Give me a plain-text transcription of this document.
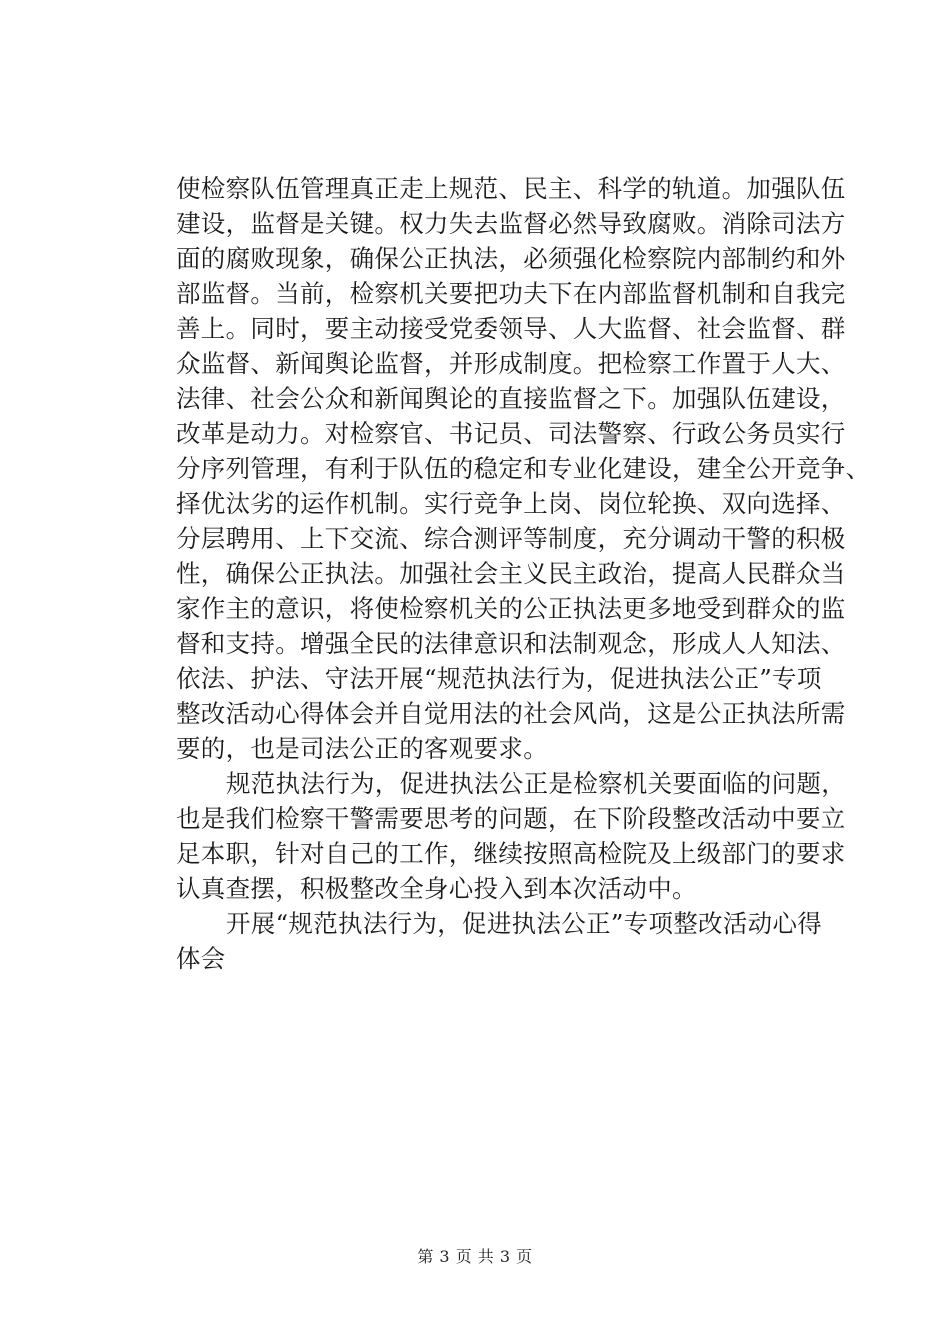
使检察队伍管理真正走上规范、民主、科学的轨道。加强队伍
建设，监督是关键。权力失去监督必然导致腐败。消除司法方
面的腐败现象，确保公正执法，必须强化检察院内部制约和外
部监督。当前，检察机关要把功夫下在内部监督机制和自我完
善上。同时，要主动接受党委领导、人大监督、社会监督、群
众监督、新闻舆论监督，并形成制度。把检察工作置于人大、
法律、社会公众和新闻舆论的直接监督之下。加强队伍建设，
改革是动力。对检察官、书记员、司法警察、行政公务员实行
分序列管理，有利于队伍的稳定和专业化建设，建全公开竞争、
择优汰劣的运作机制。实行竞争上岗、岗位轮换、双向选择、
分层聘用、上下交流、综合测评等制度，充分调动干警的积极
性，确保公正执法。加强社会主义民主政治，提高人民群众当
家作主的意识，将使检察机关的公正执法更多地受到群众的监
督和支持。增强全民的法律意识和法制观念，形成人人知法、
依法、护法、守法开展“规范执法行为，促进执法公正”专项
整改活动心得体会并自觉用法的社会风尚，这是公正执法所需
要的，也是司法公正的客观要求。

规范执法行为，促进执法公正是检察机关要面临的问题，
也是我们检察干警需要思考的问题，在下阶段整改活动中要立
足本职，针对自己的工作，继续按照高检院及上级部门的要求
认真查摆，积极整改全身心投入到本次活动中。

开展“规范执法行为，促进执法公正”专项整改活动心得
体会

第 3 页 共 3 页
